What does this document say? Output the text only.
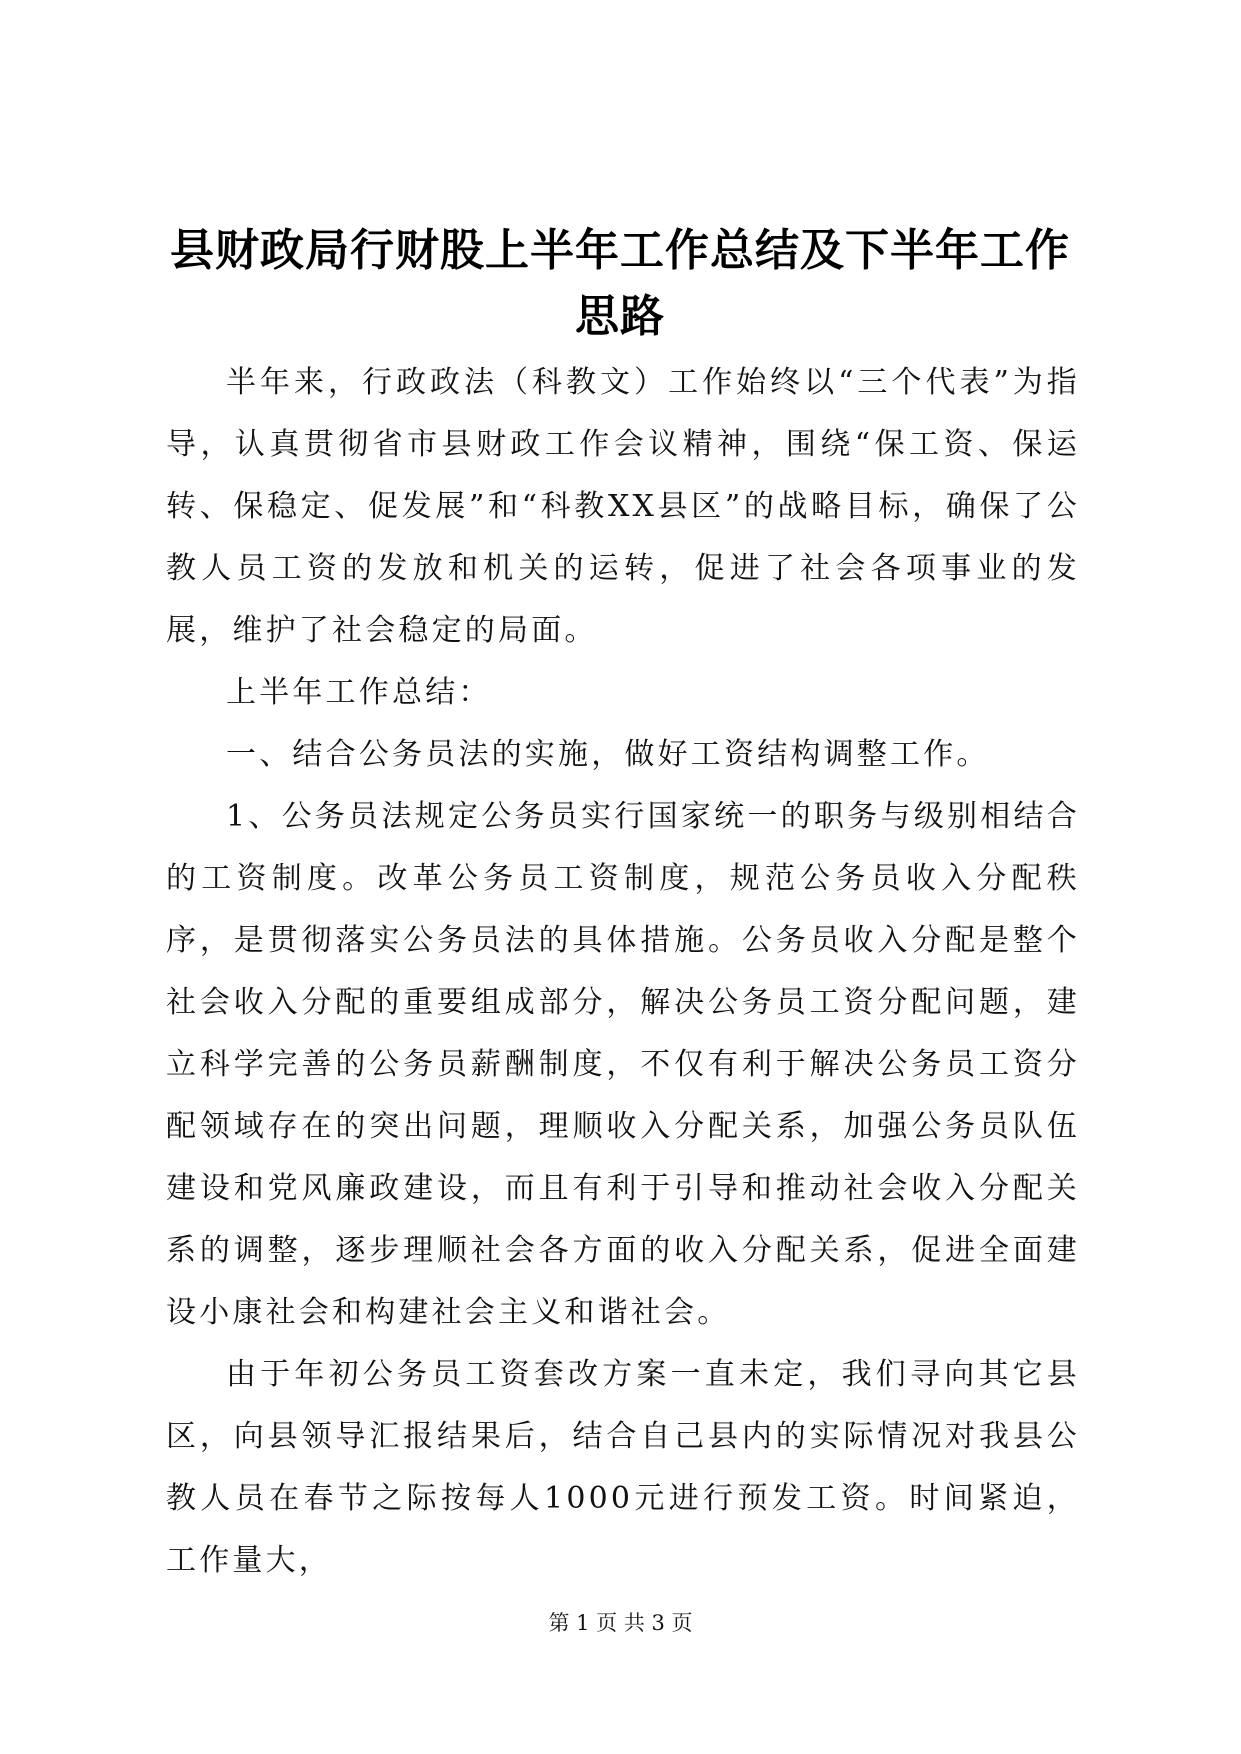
县财政局行财股上半年工作总结及下半年工作思路

半年来，行政政法（科教文）工作始终以“三个代表”为指导，认真贯彻省市县财政工作会议精神，围绕“保工资、保运转、保稳定、促发展”和“科教XX县区”的战略目标，确保了公教人员工资的发放和机关的运转，促进了社会各项事业的发展，维护了社会稳定的局面。

上半年工作总结：

一、结合公务员法的实施，做好工资结构调整工作。

1、公务员法规定公务员实行国家统一的职务与级别相结合的工资制度。改革公务员工资制度，规范公务员收入分配秩序，是贯彻落实公务员法的具体措施。公务员收入分配是整个社会收入分配的重要组成部分，解决公务员工资分配问题，建立科学完善的公务员薪酬制度，不仅有利于解决公务员工资分配领域存在的突出问题，理顺收入分配关系，加强公务员队伍建设和党风廉政建设，而且有利于引导和推动社会收入分配关系的调整，逐步理顺社会各方面的收入分配关系，促进全面建设小康社会和构建社会主义和谐社会。

由于年初公务员工资套改方案一直未定，我们寻向其它县区，向县领导汇报结果后，结合自己县内的实际情况对我县公教人员在春节之际按每人1000元进行预发工资。时间紧迫，工作量大，

第 1 页 共 3 页
